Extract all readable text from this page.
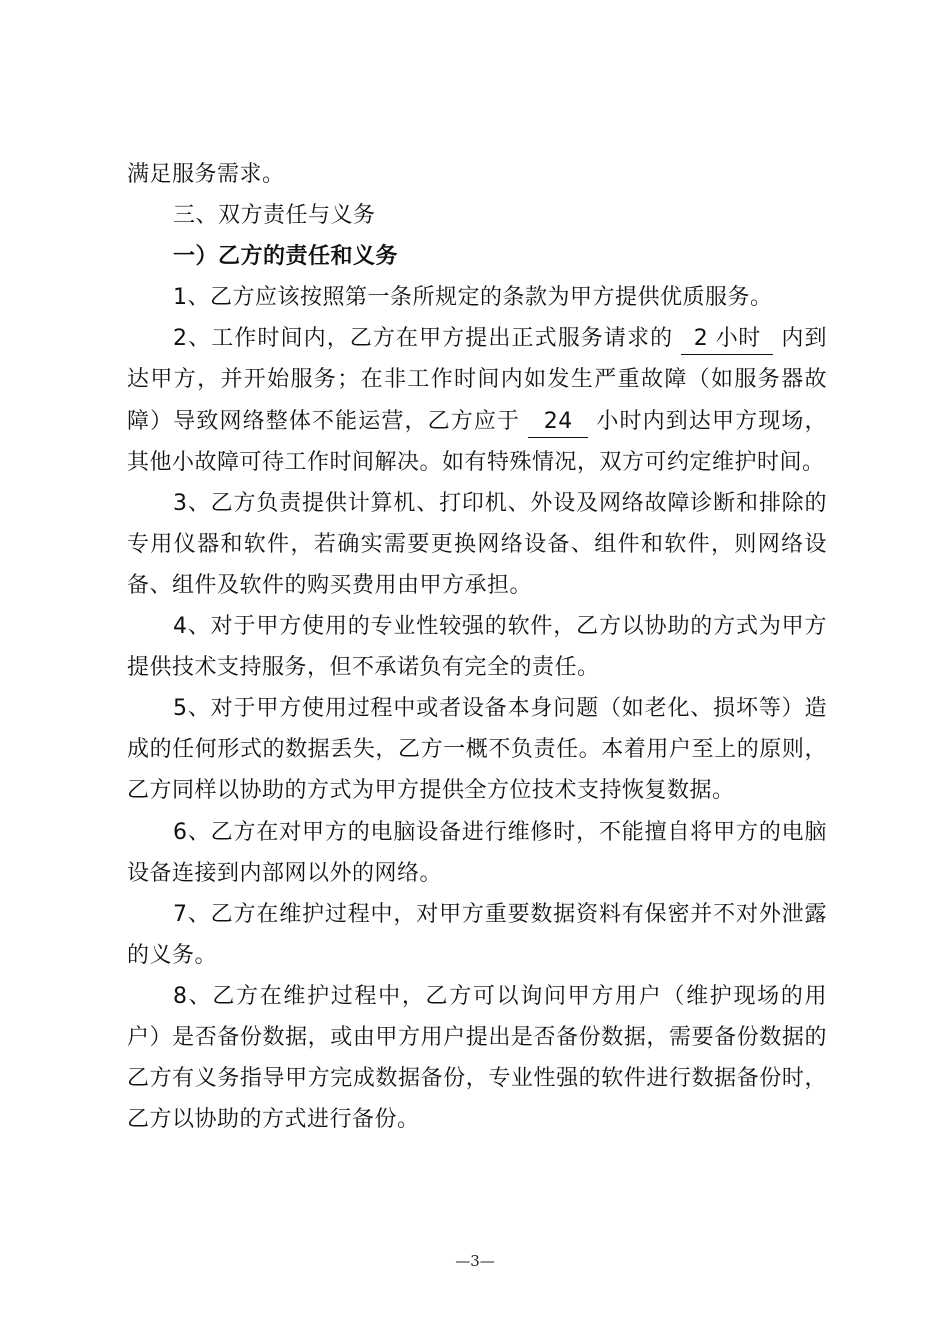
满足服务需求。

三、双方责任与义务

一）乙方的责任和义务

1、乙方应该按照第一条所规定的条款为甲方提供优质服务。

2、工作时间内，乙方在甲方提出正式服务请求的 2 小时 内到达甲方，并开始服务；在非工作时间内如发生严重故障（如服务器故障）导致网络整体不能运营，乙方应于 24 小时内到达甲方现场，其他小故障可待工作时间解决。如有特殊情况，双方可约定维护时间。

3、乙方负责提供计算机、打印机、外设及网络故障诊断和排除的专用仪器和软件，若确实需要更换网络设备、组件和软件，则网络设备、组件及软件的购买费用由甲方承担。

4、对于甲方使用的专业性较强的软件，乙方以协助的方式为甲方提供技术支持服务，但不承诺负有完全的责任。

5、对于甲方使用过程中或者设备本身问题（如老化、损坏等）造成的任何形式的数据丢失，乙方一概不负责任。本着用户至上的原则，乙方同样以协助的方式为甲方提供全方位技术支持恢复数据。

6、乙方在对甲方的电脑设备进行维修时，不能擅自将甲方的电脑设备连接到内部网以外的网络。

7、乙方在维护过程中，对甲方重要数据资料有保密并不对外泄露的义务。

8、乙方在维护过程中，乙方可以询问甲方用户（维护现场的用户）是否备份数据，或由甲方用户提出是否备份数据，需要备份数据的乙方有义务指导甲方完成数据备份，专业性强的软件进行数据备份时，乙方以协助的方式进行备份。

—3—
